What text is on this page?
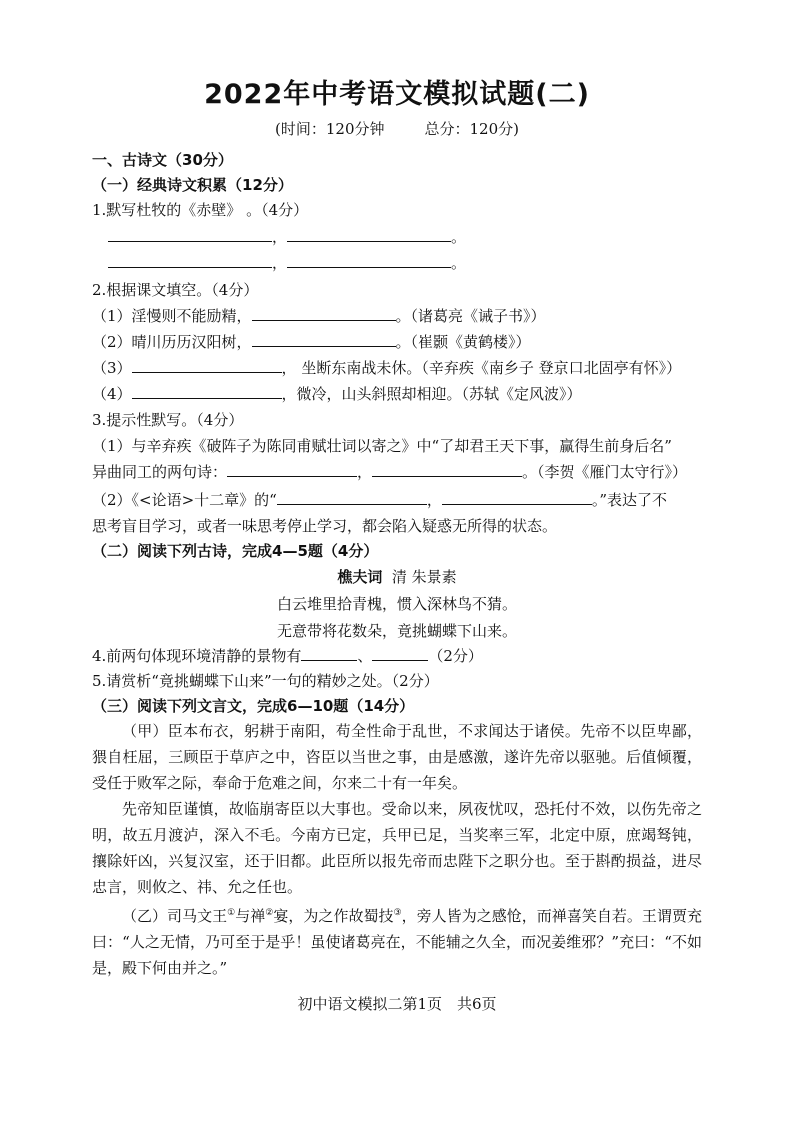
2022年中考语文模拟试题(二)
(时间：120分钟	总分：120分)
一、古诗文（30分）
（一）经典诗文积累（12分）
1.默写杜牧的《赤壁》 。（4分）
，	。
，	。
2.根据课文填空。（4分）
（1）淫慢则不能励精，	。（诸葛亮《诫子书》）
（2）晴川历历汉阳树，	。（崔颢《黄鹤楼》）
（3）	， 坐断东南战未休。（辛弃疾《南乡子 登京口北固亭有怀》）
（4）	，微冷，山头斜照却相迎。（苏轼《定风波》）
3.提示性默写。（4分）
（1）与辛弃疾《破阵子为陈同甫赋壮词以寄之》中“了却君王天下事，赢得生前身后名”
异曲同工的两句诗：	，	。（李贺《雁门太守行》）
（2）《<论语>十二章》的“	，	。”表达了不
思考盲目学习，或者一味思考停止学习，都会陷入疑惑无所得的状态。
（二）阅读下列古诗，完成4—5题（4分）
樵夫词 清 朱景素
白云堆里拾青槐，惯入深林鸟不猜。
无意带将花数朵，竟挑蝴蝶下山来。
4.前两句体现环境清静的景物有	、	（2分）
5.请赏析“竟挑蝴蝶下山来”一句的精妙之处。（2分）
（三）阅读下列文言文，完成6—10题（14分）
（甲）臣本布衣，躬耕于南阳，苟全性命于乱世，不求闻达于诸侯。先帝不以臣卑鄙，猥自枉屈，三顾臣于草庐之中，咨臣以当世之事，由是感激，遂许先帝以驱驰。后值倾覆，受任于败军之际，奉命于危难之间，尔来二十有一年矣。
先帝知臣谨慎，故临崩寄臣以大事也。受命以来，夙夜忧叹，恐托付不效，以伤先帝之明，故五月渡泸，深入不毛。今南方已定，兵甲已足，当奖率三军，北定中原，庶竭驽钝，攘除奸凶，兴复汉室，还于旧都。此臣所以报先帝而忠陛下之职分也。至于斟酌损益，进尽忠言，则攸之、祎、允之任也。
（乙）司马文王①与禅②宴，为之作故蜀技③，旁人皆为之感怆，而禅喜笑自若。王谓贾充曰：“人之无情，乃可至于是乎！虽使诸葛亮在，不能辅之久全，而况姜维邪？”充曰：“不如是，殿下何由并之。”
初中语文模拟二第1页　共6页
